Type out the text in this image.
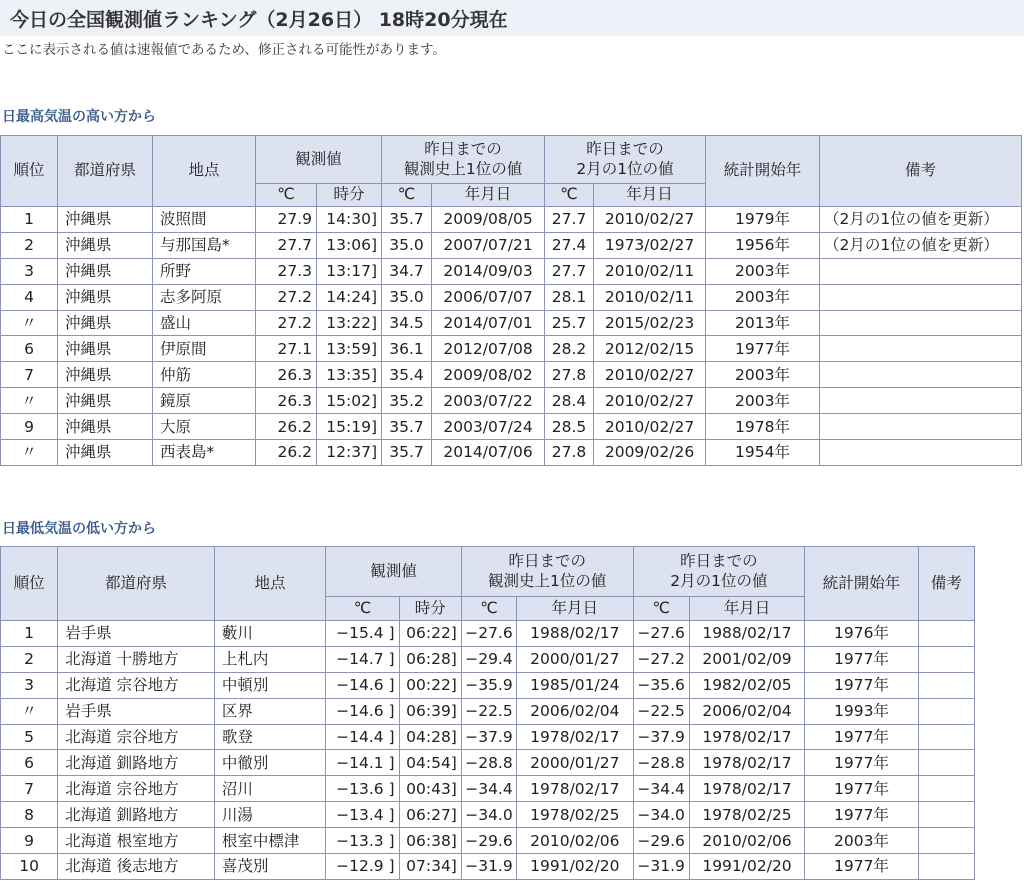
今日の全国観測値ランキング（2月26日） 18時20分現在
ここに表示される値は速報値であるため、修正される可能性があります。
日最高気温の高い方から
順位	都道府県	地点	観測値		昨日までの
観測史上1位の値		昨日までの
2月の1位の値		統計開始年	備考
			℃	時分	℃	年月日	℃	年月日		
1	沖縄県	波照間	27.9	14:30]	35.7	2009/08/05	27.7	2010/02/27	1979年	（2月の1位の値を更新）
2	沖縄県	与那国島*	27.7	13:06]	35.0	2007/07/21	27.4	1973/02/27	1956年	（2月の1位の値を更新）
3	沖縄県	所野	27.3	13:17]	34.7	2014/09/03	27.7	2010/02/11	2003年	
4	沖縄県	志多阿原	27.2	14:24]	35.0	2006/07/07	28.1	2010/02/11	2003年	
〃	沖縄県	盛山	27.2	13:22]	34.5	2014/07/01	25.7	2015/02/23	2013年	
6	沖縄県	伊原間	27.1	13:59]	36.1	2012/07/08	28.2	2012/02/15	1977年	
7	沖縄県	仲筋	26.3	13:35]	35.4	2009/08/02	27.8	2010/02/27	2003年	
〃	沖縄県	鏡原	26.3	15:02]	35.2	2003/07/22	28.4	2010/02/27	2003年	
9	沖縄県	大原	26.2	15:19]	35.7	2003/07/24	28.5	2010/02/27	1978年	
〃	沖縄県	西表島*	26.2	12:37]	35.7	2014/07/06	27.8	2009/02/26	1954年	
日最低気温の低い方から
順位	都道府県	地点	観測値		昨日までの
観測史上1位の値		昨日までの
2月の1位の値		統計開始年	備考
			℃	時分	℃	年月日	℃	年月日		
1	岩手県	藪川	−15.4 ]	06:22]	−27.6	1988/02/17	−27.6	1988/02/17	1976年	
2	北海道 十勝地方	上札内	−14.7 ]	06:28]	−29.4	2000/01/27	−27.2	2001/02/09	1977年	
3	北海道 宗谷地方	中頓別	−14.6 ]	00:22]	−35.9	1985/01/24	−35.6	1982/02/05	1977年	
〃	岩手県	区界	−14.6 ]	06:39]	−22.5	2006/02/04	−22.5	2006/02/04	1993年	
5	北海道 宗谷地方	歌登	−14.4 ]	04:28]	−37.9	1978/02/17	−37.9	1978/02/17	1977年	
6	北海道 釧路地方	中徹別	−14.1 ]	04:54]	−28.8	2000/01/27	−28.8	1978/02/17	1977年	
7	北海道 宗谷地方	沼川	−13.6 ]	00:43]	−34.4	1978/02/17	−34.4	1978/02/17	1977年	
8	北海道 釧路地方	川湯	−13.4 ]	06:27]	−34.0	1978/02/25	−34.0	1978/02/25	1977年	
9	北海道 根室地方	根室中標津	−13.3 ]	06:38]	−29.6	2010/02/06	−29.6	2010/02/06	2003年	
10	北海道 後志地方	喜茂別	−12.9 ]	07:34]	−31.9	1991/02/20	−31.9	1991/02/20	1977年	
